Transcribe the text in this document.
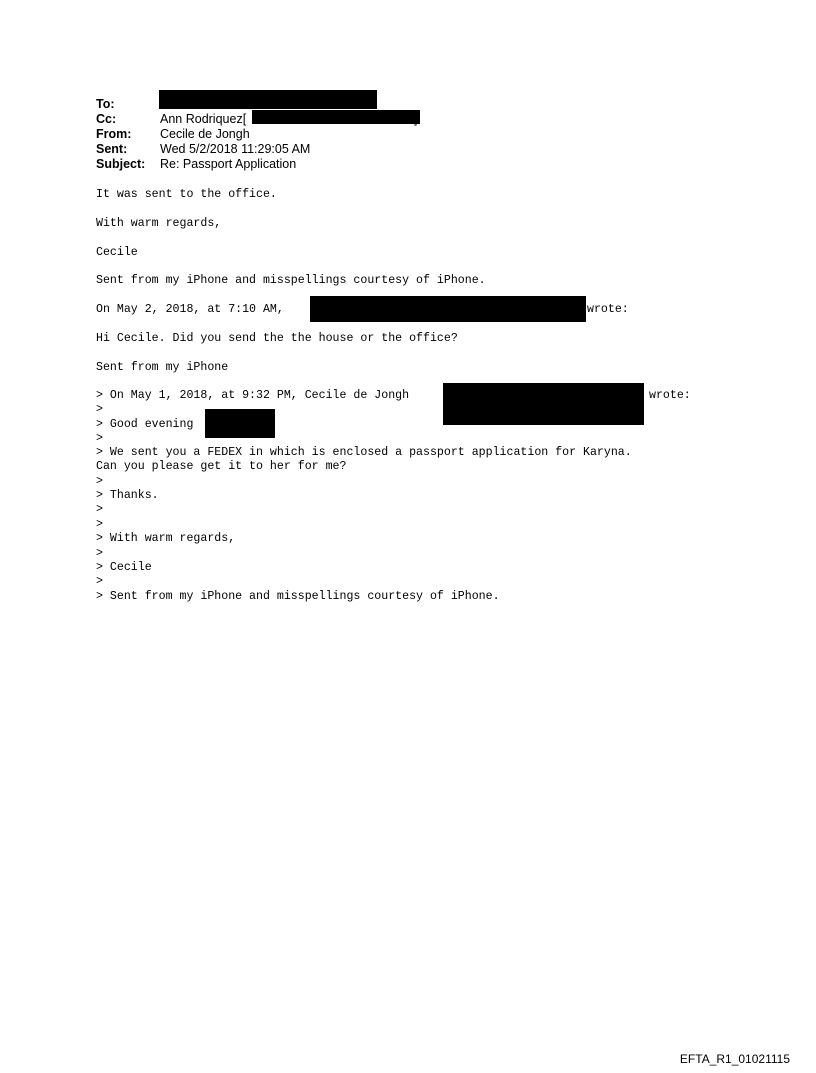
To:
Cc:	Ann Rodriquez[
From: Cecile de Jongh
Sent:	Wed 5/2/2018 11:29:05 AM
Subject: Re: Passport Application
It was sent to the office.
With warm regards,
Cecile
Sent from my iPhone and misspellings courtesy of iPhone.
On May 2, 2018, at 7:10 AM,	wrote:
Hi Cecile. Did you send the the house or the office?
Sent from my iPhone
> On May 1, 2018, at 9:32 PM, Cecile de Jongh	wrote:
>
> Good evening
>
> We sent you a FEDEX in which is enclosed a passport application for Karyna.
Can you please get it to her for me?
>
> Thanks.
>
>
> With warm regards,
>
> Cecile
>
> Sent from my iPhone and misspellings courtesy of iPhone.
EFTA_R1_01021115
